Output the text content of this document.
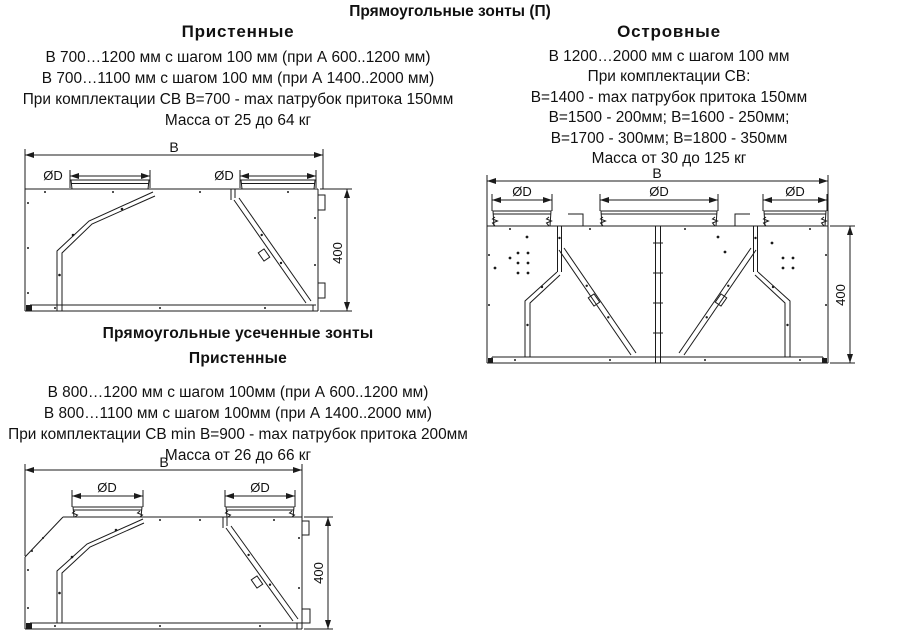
Прямоугольные зонты (П)
Пристенные

В 700…1200 мм с шагом 100 мм (при А 600..1200 мм)

В 700…1100 мм с шагом 100 мм (при А 1400..2000 мм)

При комплектации СВ В=700 - max патрубок притока 150мм

Масса от 25 до 64 кг

Островные

В 1200…2000 мм с шагом 100 мм

При комплектации СВ:

В=1400 - max патрубок притока 150мм

В=1500 - 200мм; В=1600 - 250мм;

В=1700 - 300мм; В=1800 - 350мм

Масса от 30 до 125 кг

Прямоугольные усеченные зонты
Пристенные

В 800…1200 мм с шагом 100мм (при А 600..1200 мм)

В 800…1100 мм с шагом 100мм (при А 1400..2000 мм)

При комплектации СВ min В=900 - max патрубок притока 200мм

Масса от 26 до 66 кг

B
ØD	ØD
400
B
ØD	ØD	ØD
400
B
ØD	ØD
400
